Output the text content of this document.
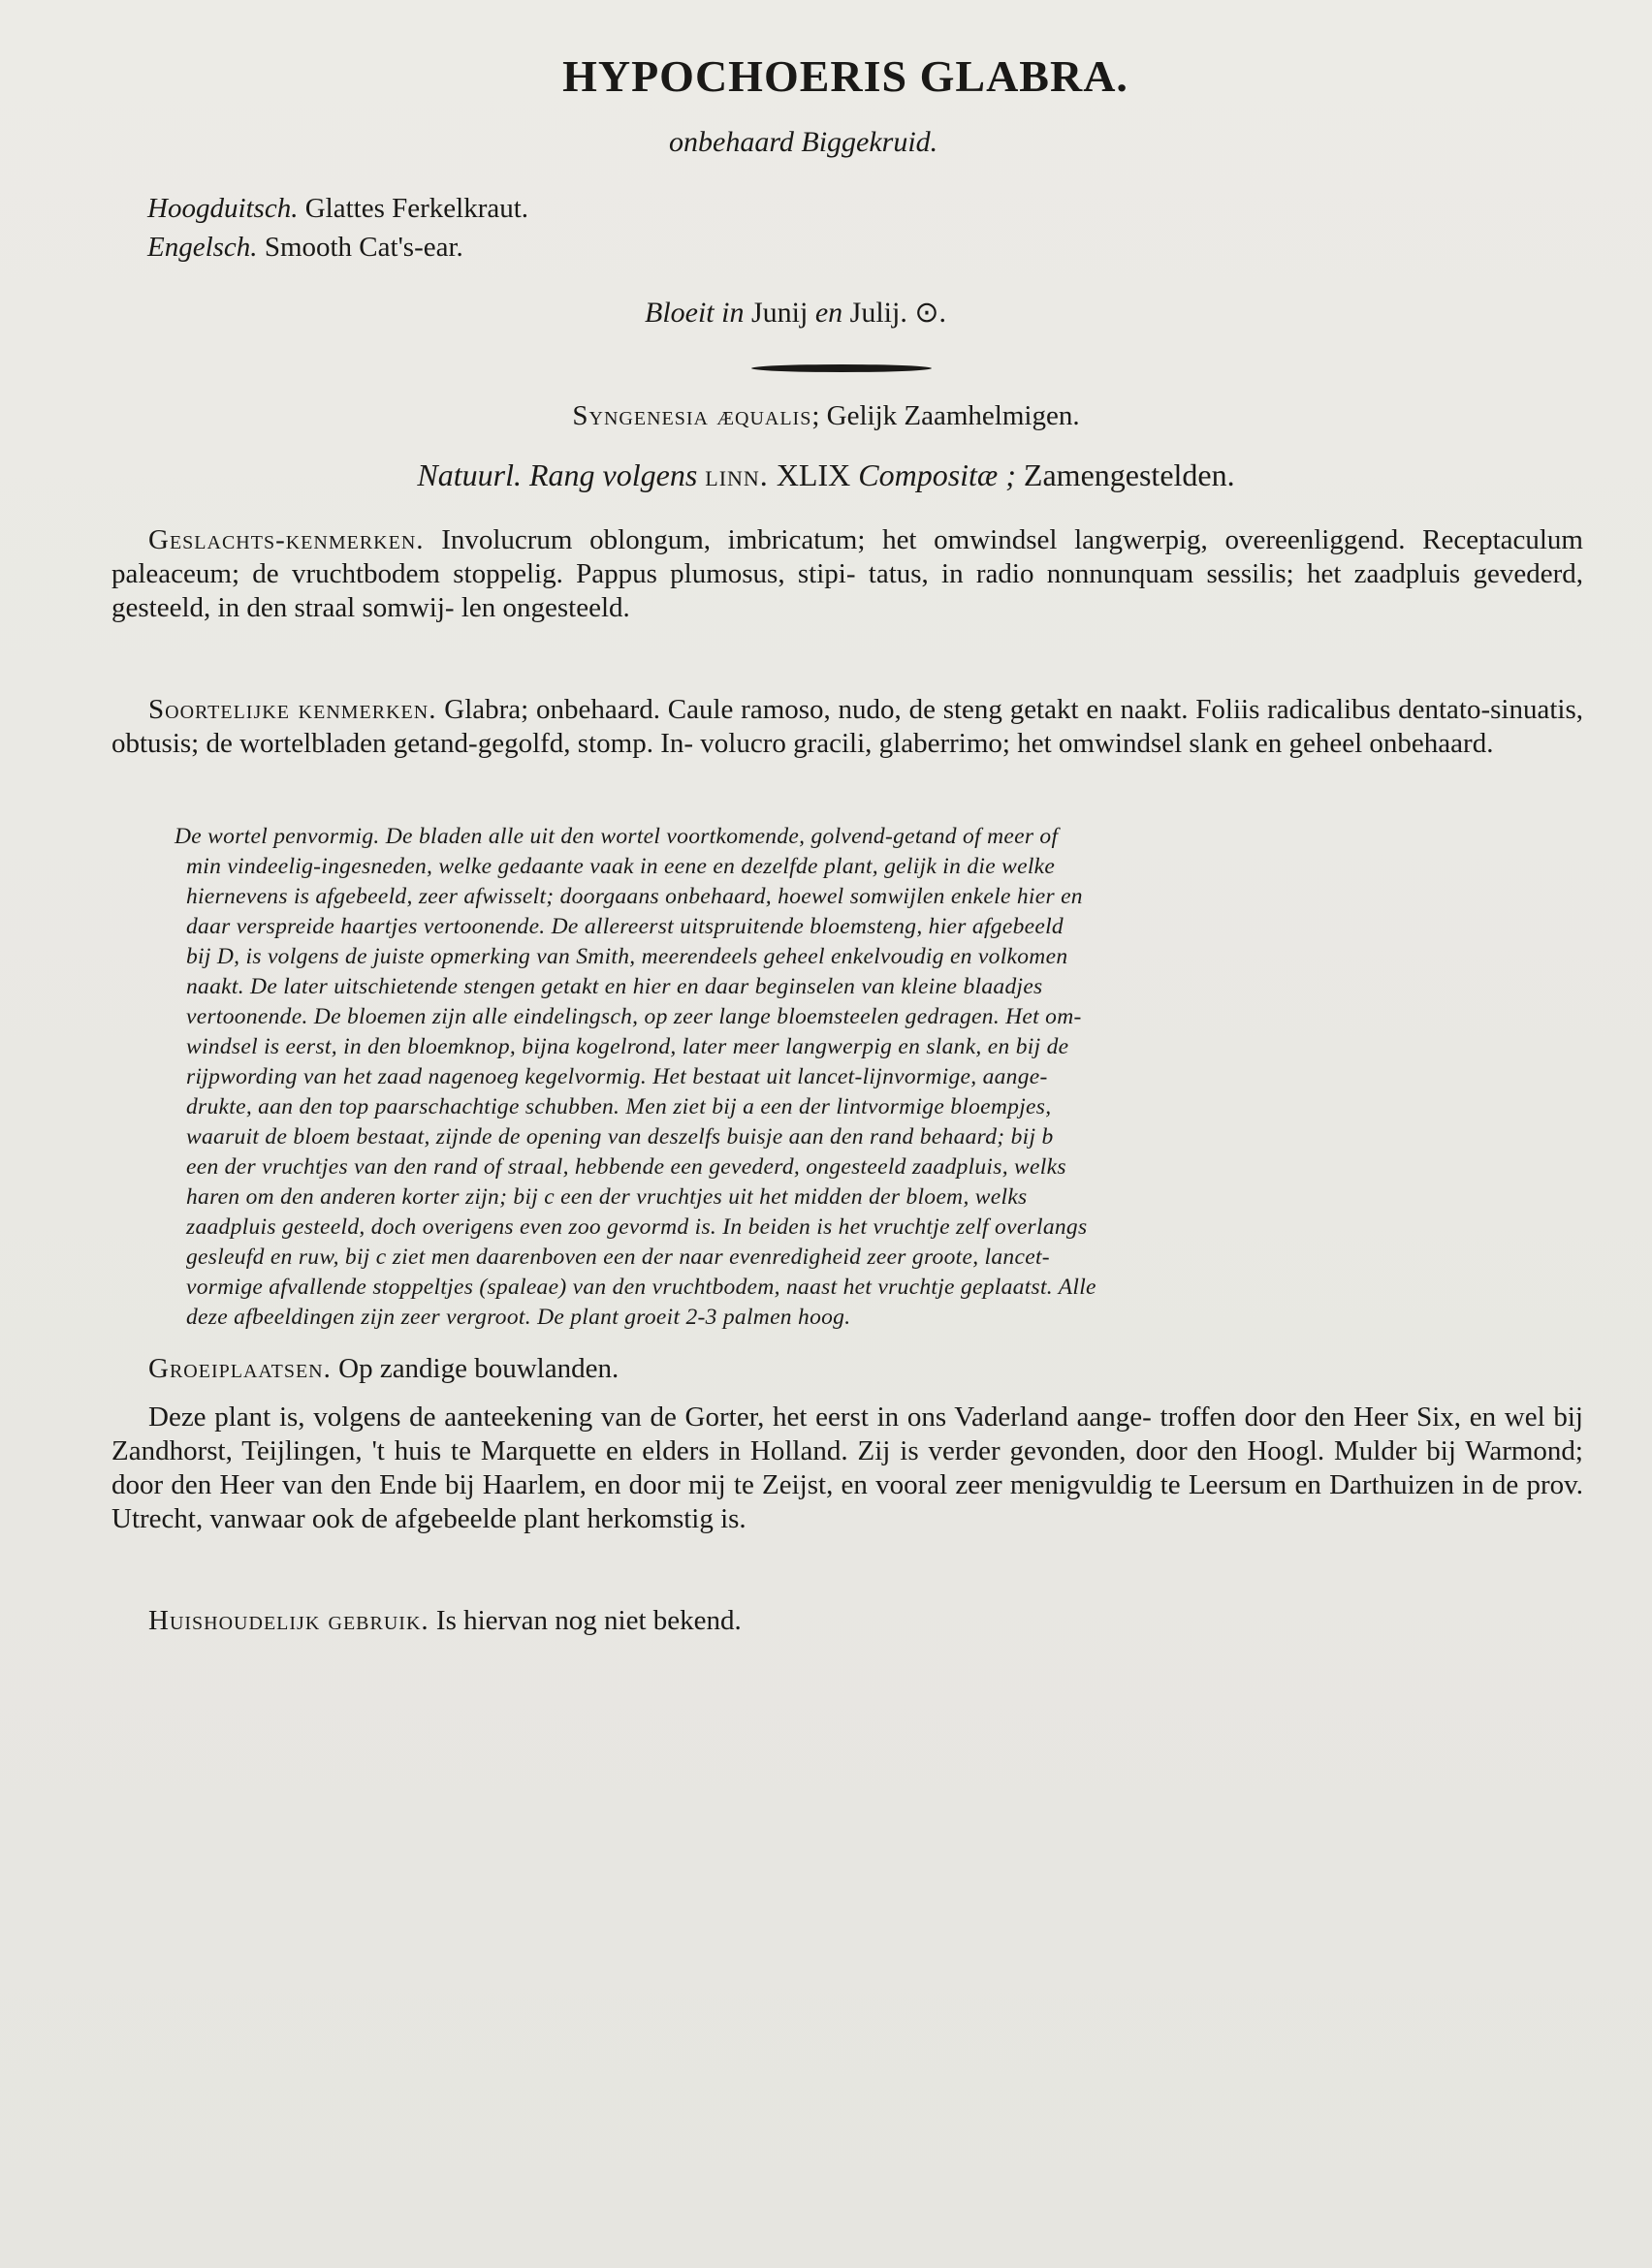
HYPOCHOERIS GLABRA.
onbehaard Biggekruid.
Hoogduitsch. Glattes Ferkelkraut.
Engelsch. Smooth Cat's-ear.
Bloeit in Junij en Julij. ⊙.
Syngenesia æqualis; Gelijk Zaamhelmigen.
Natuurl. Rang volgens linn. XLIX Compositæ ; Zamengestelden.
Geslachts-kenmerken. Involucrum oblongum, imbricatum; het omwindsel langwerpig, overeenliggend. Receptaculum paleaceum; de vruchtbodem stoppelig. Pappus plumosus, stipi- tatus, in radio nonnunquam sessilis; het zaadpluis gevederd, gesteeld, in den straal somwij- len ongesteeld.
Soortelijke kenmerken. Glabra; onbehaard. Caule ramoso, nudo, de steng getakt en naakt. Foliis radicalibus dentato-sinuatis, obtusis; de wortelbladen getand-gegolfd, stomp. In- volucro gracili, glaberrimo; het omwindsel slank en geheel onbehaard.
De wortel penvormig. De bladen alle uit den wortel voortkomende, golvend-getand of meer of
min vindeelig-ingesneden, welke gedaante vaak in eene en dezelfde plant, gelijk in die welke
hiernevens is afgebeeld, zeer afwisselt; doorgaans onbehaard, hoewel somwijlen enkele hier en
daar verspreide haartjes vertoonende. De allereerst uitspruitende bloemsteng, hier afgebeeld
bij D, is volgens de juiste opmerking van Smith, meerendeels geheel enkelvoudig en volkomen
naakt. De later uitschietende stengen getakt en hier en daar beginselen van kleine blaadjes
vertoonende. De bloemen zijn alle eindelingsch, op zeer lange bloemsteelen gedragen. Het om-
windsel is eerst, in den bloemknop, bijna kogelrond, later meer langwerpig en slank, en bij de
rijpwording van het zaad nagenoeg kegelvormig. Het bestaat uit lancet-lijnvormige, aange-
drukte, aan den top paarschachtige schubben. Men ziet bij a een der lintvormige bloempjes,
waaruit de bloem bestaat, zijnde de opening van deszelfs buisje aan den rand behaard; bij b
een der vruchtjes van den rand of straal, hebbende een gevederd, ongesteeld zaadpluis, welks
haren om den anderen korter zijn; bij c een der vruchtjes uit het midden der bloem, welks
zaadpluis gesteeld, doch overigens even zoo gevormd is. In beiden is het vruchtje zelf overlangs
gesleufd en ruw, bij c ziet men daarenboven een der naar evenredigheid zeer groote, lancet-
vormige afvallende stoppeltjes (spaleae) van den vruchtbodem, naast het vruchtje geplaatst. Alle
deze afbeeldingen zijn zeer vergroot. De plant groeit 2-3 palmen hoog.
Groeiplaatsen. Op zandige bouwlanden.
Deze plant is, volgens de aanteekening van de Gorter, het eerst in ons Vaderland aange- troffen door den Heer Six, en wel bij Zandhorst, Teijlingen, 't huis te Marquette en elders in Holland. Zij is verder gevonden, door den Hoogl. Mulder bij Warmond; door den Heer van den Ende bij Haarlem, en door mij te Zeijst, en vooral zeer menigvuldig te Leersum en Darthuizen in de prov. Utrecht, vanwaar ook de afgebeelde plant herkomstig is.
Huishoudelijk gebruik. Is hiervan nog niet bekend.
